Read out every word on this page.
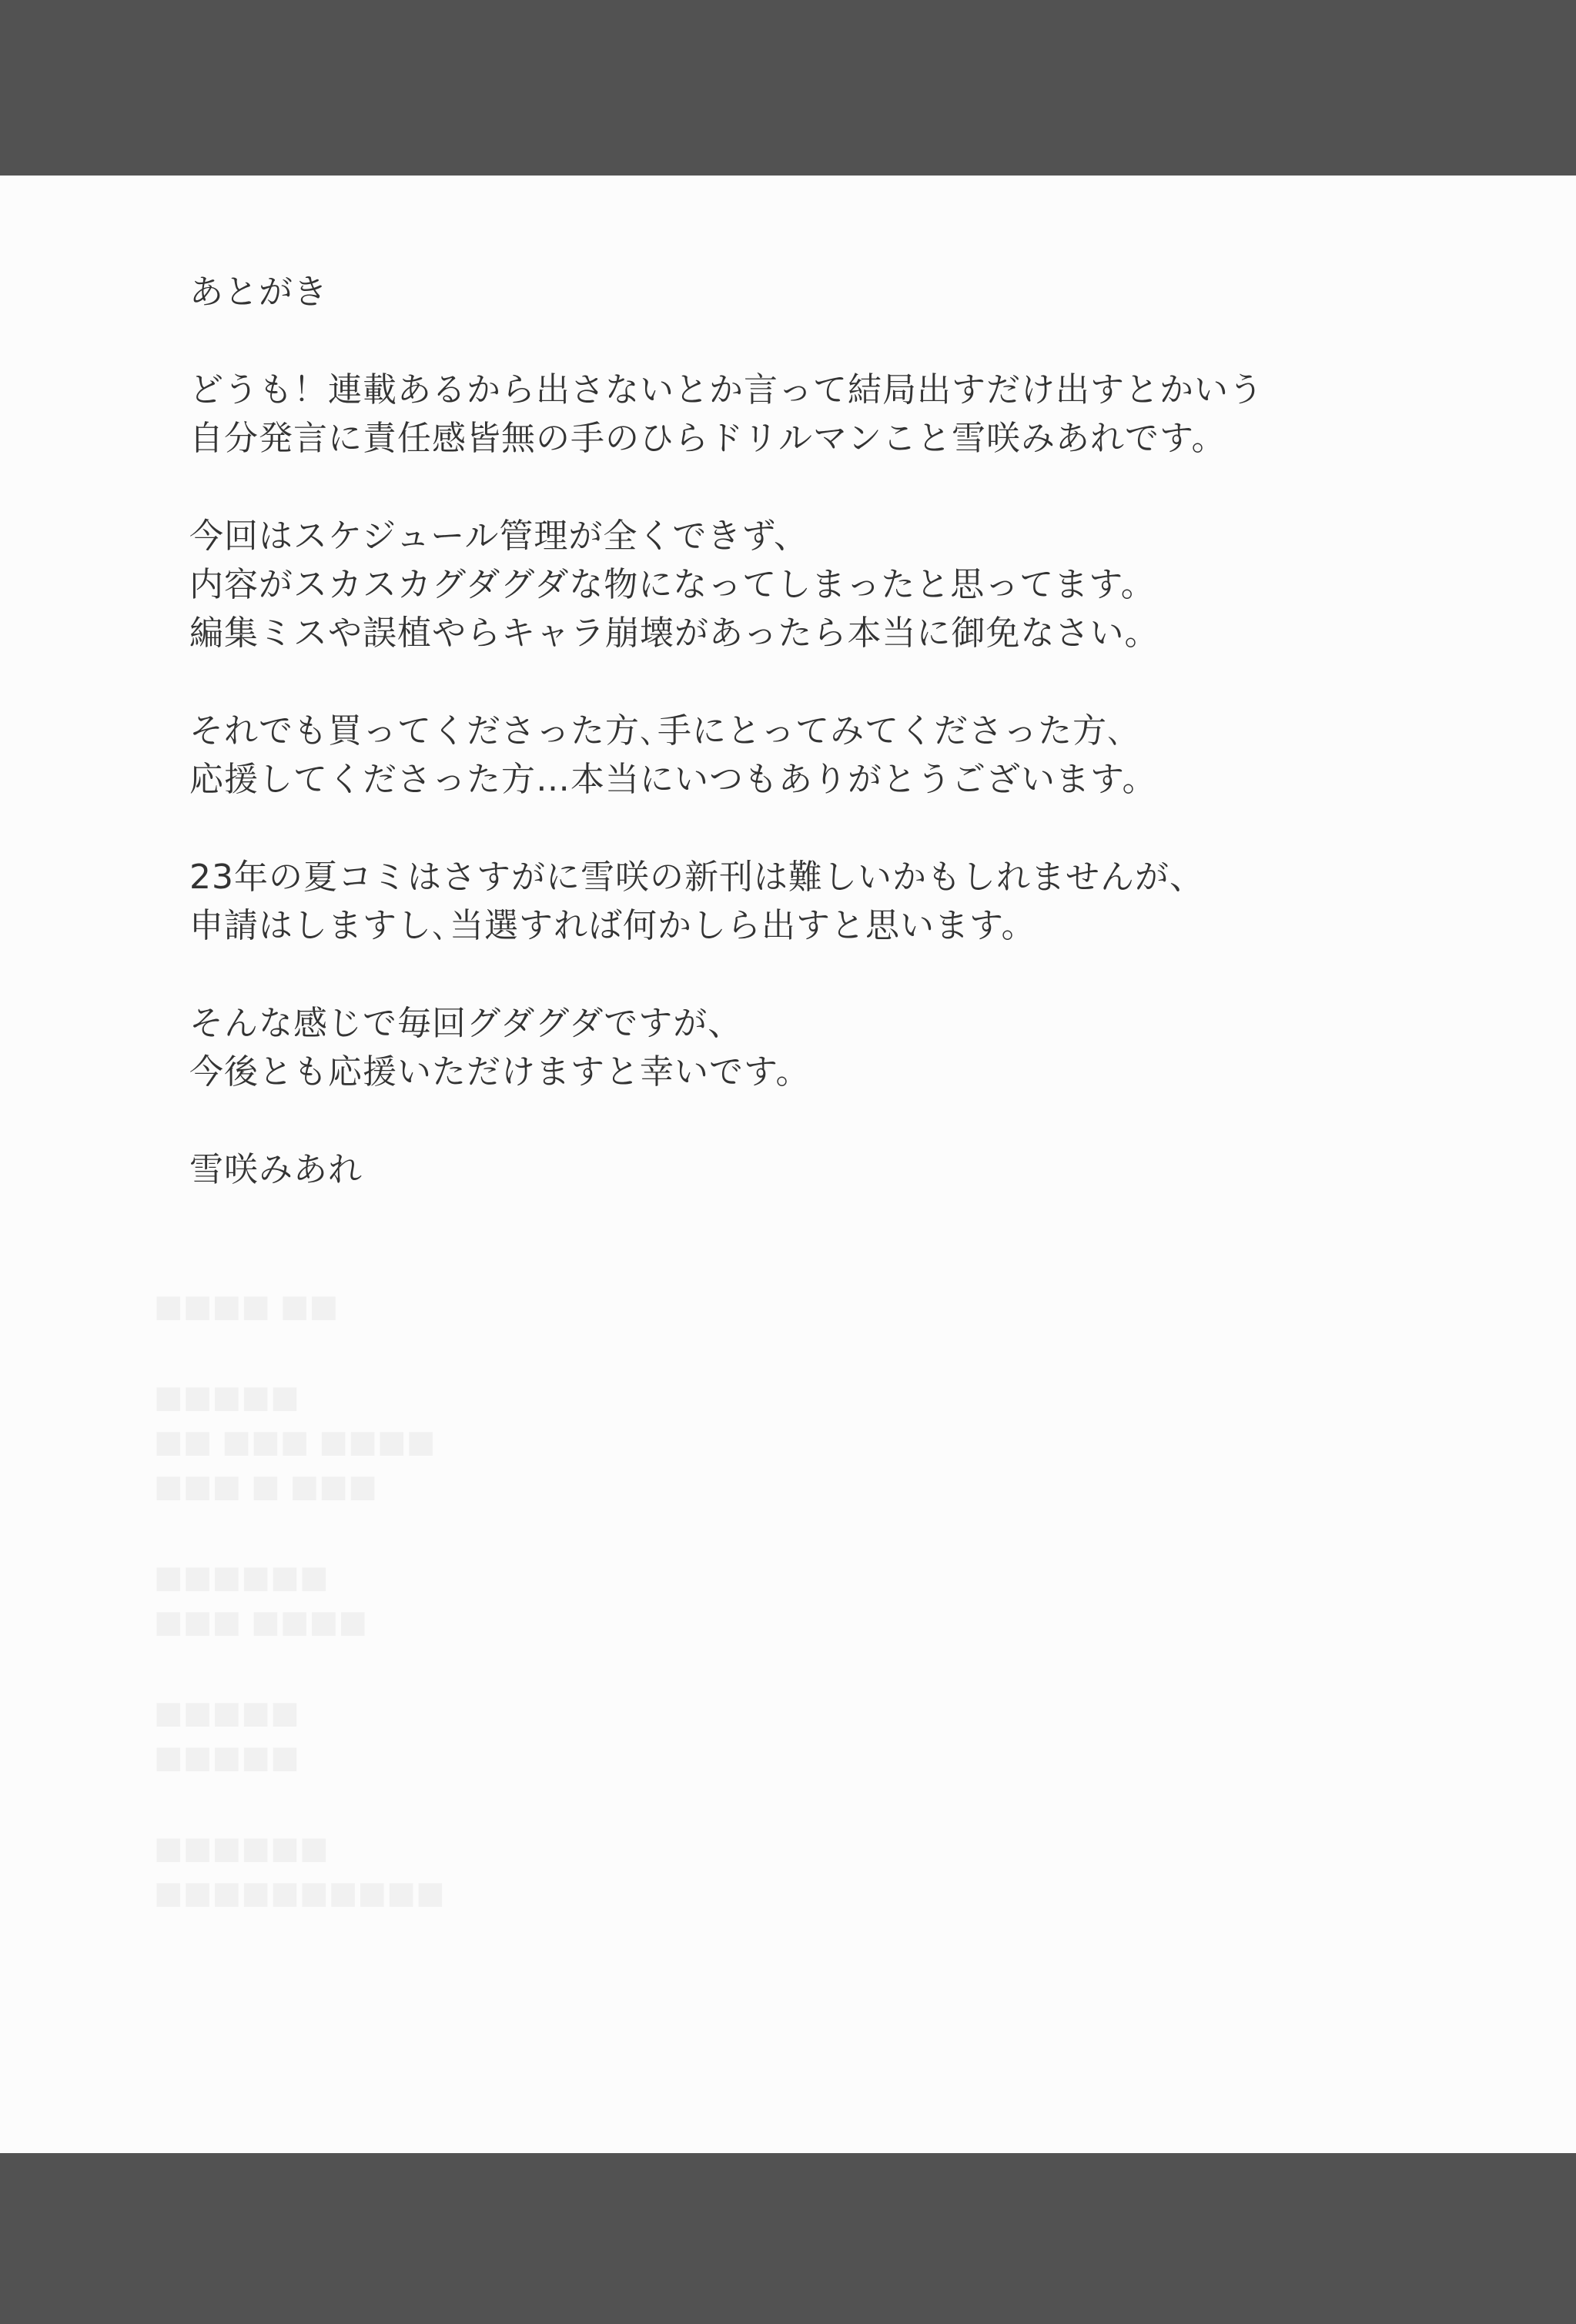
■■■■ ■■
■■■■■
■■ ■■■ ■■■■
■■■ ■ ■■■
■■■■■■
■■■ ■■■■
■■■■■
■■■■■
■■■■■■
■■■■■■■■■■
あとがき
どうも！連載あるから出さないとか言って結局出すだけ出すとかいう
自分発言に責任感皆無の手のひらドリルマンこと雪咲みあれです。
今回はスケジュール管理が全くできず、
内容がスカスカグダグダな物になってしまったと思ってます。
編集ミスや誤植やらキャラ崩壊があったら本当に御免なさい。
それでも買ってくださった方､手にとってみてくださった方､
応援してくださった方…本当にいつもありがとうございます。
23年の夏コミはさすがに雪咲の新刊は難しいかもしれませんが、
申請はしますし､当選すれば何かしら出すと思います。
そんな感じで毎回グダグダですが、
今後とも応援いただけますと幸いです。
雪咲みあれ
